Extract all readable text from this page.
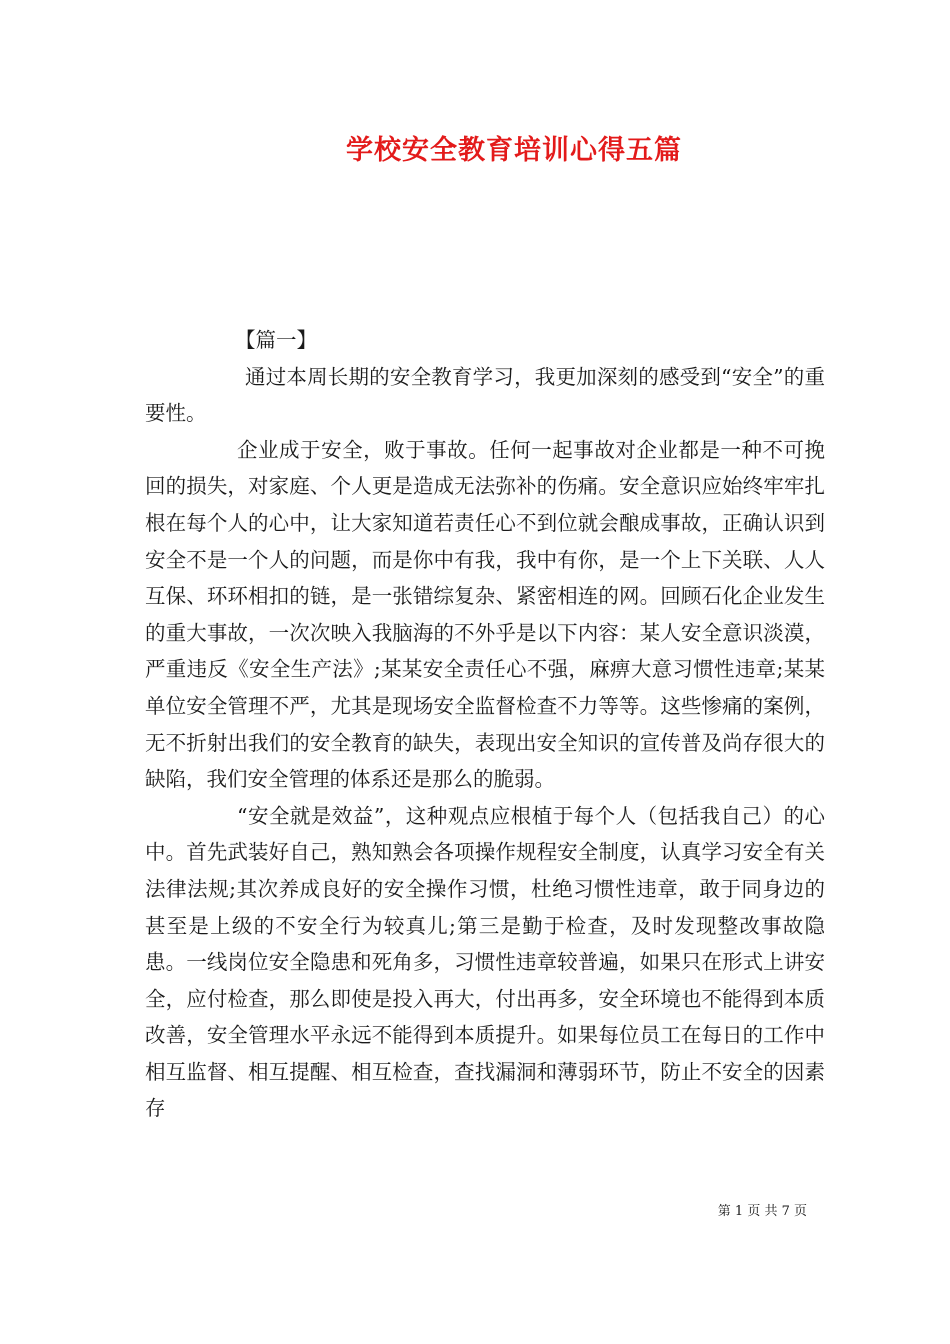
学校安全教育培训心得五篇

【篇一】

通过本周长期的安全教育学习，我更加深刻的感受到“安全”的重要性。

企业成于安全，败于事故。任何一起事故对企业都是一种不可挽回的损失，对家庭、个人更是造成无法弥补的伤痛。安全意识应始终牢牢扎根在每个人的心中，让大家知道若责任心不到位就会酿成事故，正确认识到安全不是一个人的问题，而是你中有我，我中有你，是一个上下关联、人人互保、环环相扣的链，是一张错综复杂、紧密相连的网。回顾石化企业发生的重大事故，一次次映入我脑海的不外乎是以下内容：某人安全意识淡漠，严重违反《安全生产法》;某某安全责任心不强，麻痹大意习惯性违章;某某单位安全管理不严，尤其是现场安全监督检查不力等等。这些惨痛的案例，无不折射出我们的安全教育的缺失，表现出安全知识的宣传普及尚存很大的缺陷，我们安全管理的体系还是那么的脆弱。

“安全就是效益”，这种观点应根植于每个人（包括我自己）的心中。首先武装好自己，熟知熟会各项操作规程安全制度，认真学习安全有关法律法规;其次养成良好的安全操作习惯，杜绝习惯性违章，敢于同身边的甚至是上级的不安全行为较真儿;第三是勤于检查，及时发现整改事故隐患。一线岗位安全隐患和死角多，习惯性违章较普遍，如果只在形式上讲安全，应付检查，那么即使是投入再大，付出再多，安全环境也不能得到本质改善，安全管理水平永远不能得到本质提升。如果每位员工在每日的工作中相互监督、相互提醒、相互检查，查找漏洞和薄弱环节，防止不安全的因素存

第 1 页 共 7 页
